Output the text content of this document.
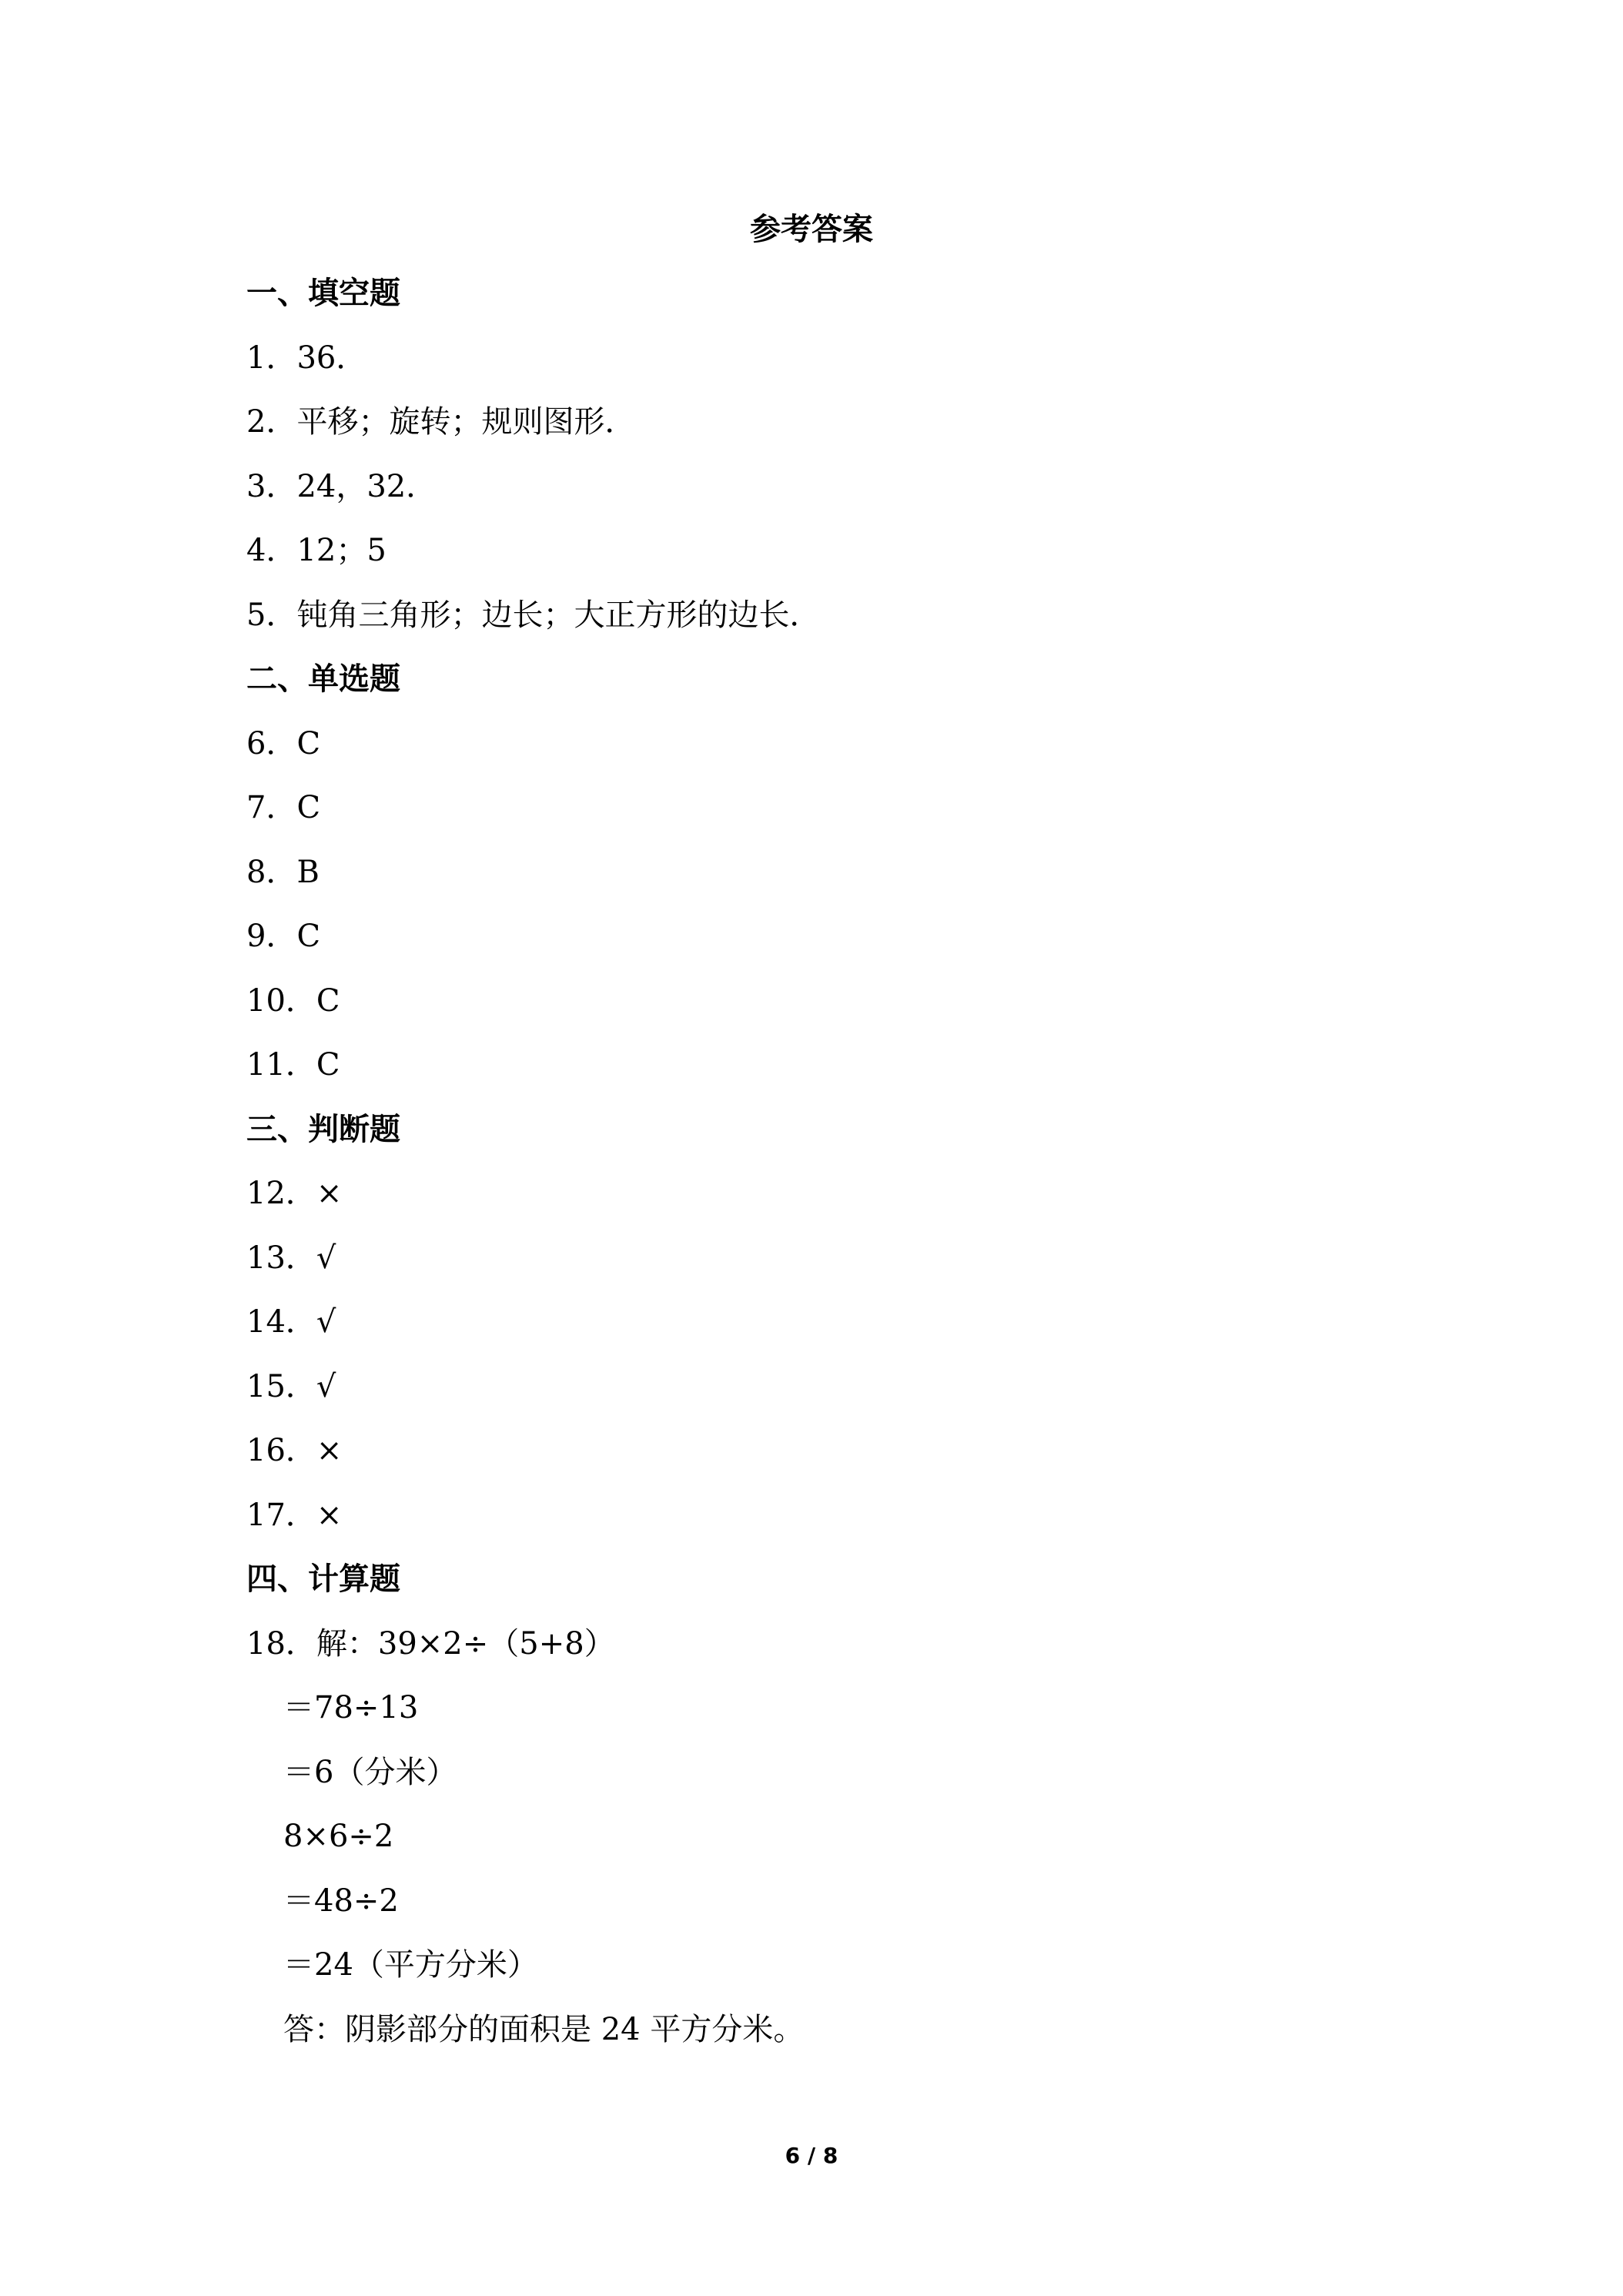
参考答案
一、填空题
1．36．
2．平移；旋转；规则图形．
3．24，32．
4．12；5
5．钝角三角形；边长；大正方形的边长．
二、单选题
6．C
7．C
8．B
9．C
10．C
11．C
三、判断题
12．×
13．√
14．√
15．√
16．×
17．×
四、计算题
18．解：39×2÷（5+8）
＝78÷13
＝6（分米）
8×6÷2
＝48÷2
＝24（平方分米）
答：阴影部分的面积是 24 平方分米。
6 / 8
